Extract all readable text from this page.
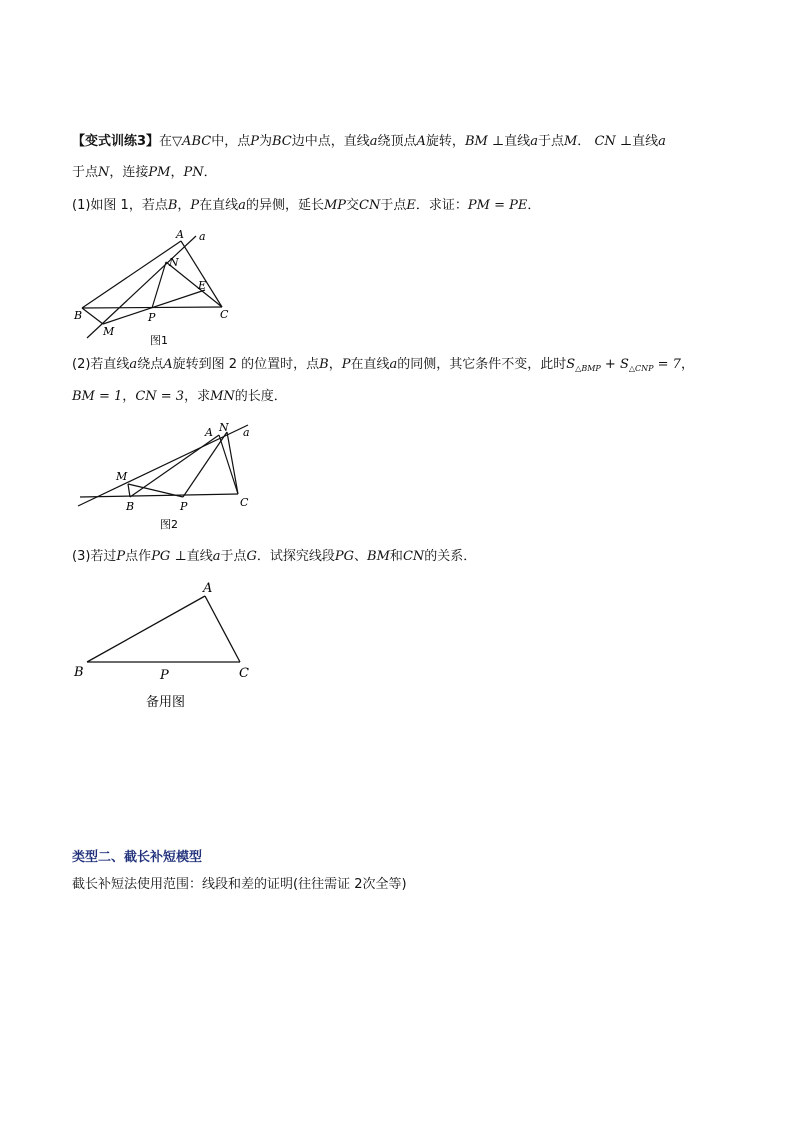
【变式训练3】在▽ABC中，点P为BC边中点，直线a绕顶点A旋转，BM ⊥直线a于点M． CN ⊥直线a
于点N，连接PM，PN．
(1)如图 1，若点B，P在直线a的异侧，延长MP交CN于点E．求证：PM = PE．
A a
N
E
B	P	C
M
图1
(2)若直线a绕点A旋转到图 2 的位置时，点B，P在直线a的同侧，其它条件不变，此时$S_{\triangle BMP} + S_{\triangle CNP} = 7$，
BM = 1，CN = 3，求MN的长度．
A N a
M
B	P	C
图2
(3)若过P点作PG ⊥直线a于点G．试探究线段PG、BM和CN的关系．
A
B	P	C
备用图
类型二、截长补短模型
截长补短法使用范围：线段和差的证明(往往需证 2次全等)
